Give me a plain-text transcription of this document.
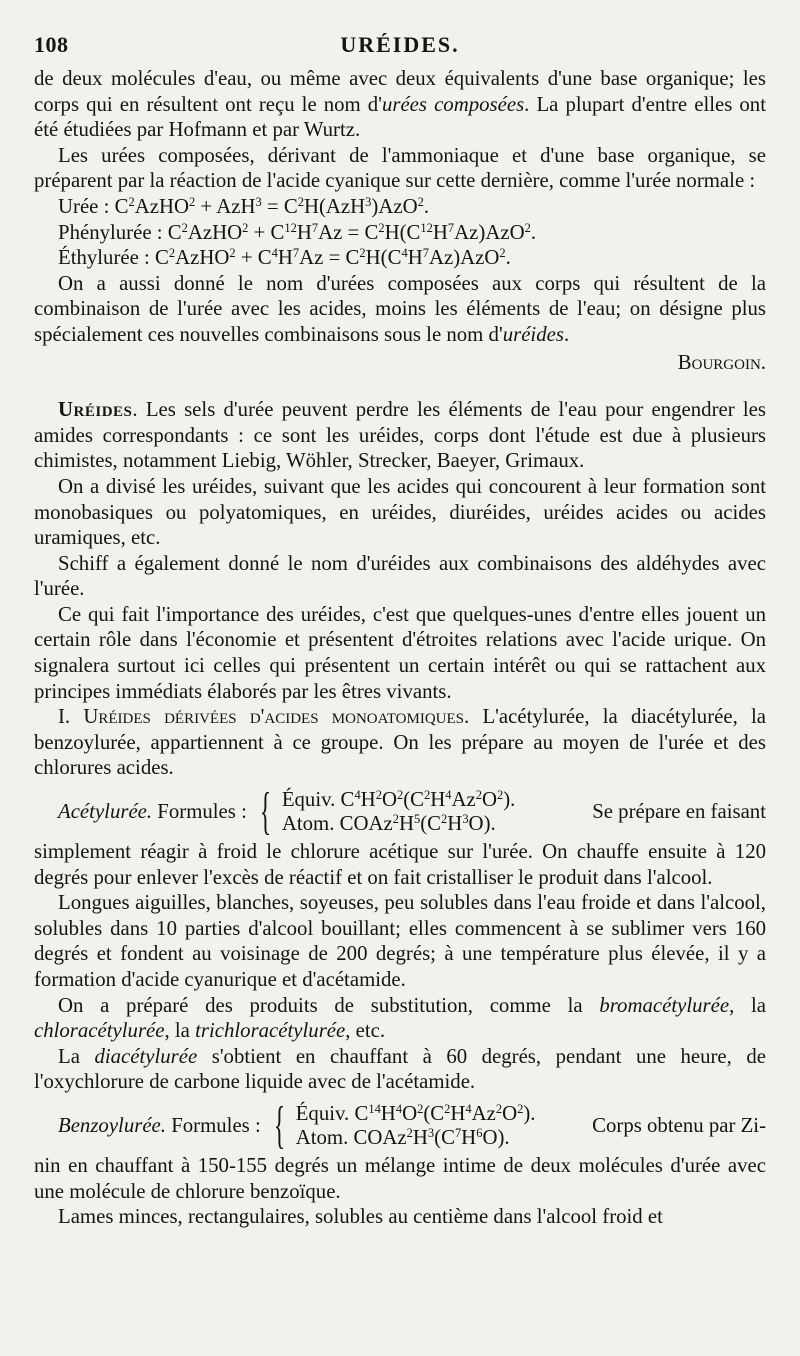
108	URÉIDES.

de deux molécules d'eau, ou même avec deux équivalents d'une base organique; les corps qui en résultent ont reçu le nom d'urées composées. La plupart d'entre elles ont été étudiées par Hofmann et par Wurtz.

Les urées composées, dérivant de l'ammoniaque et d'une base organique, se préparent par la réaction de l'acide cyanique sur cette dernière, comme l'urée normale :

Urée : $C^2AzHO^2 + AzH^3 = C^2H(AzH^3)AzO^2$.

Phénylurée : $C^2AzHO^2 + C^{12}H^7Az = C^2H(C^{12}H^7Az)AzO^2$.

Éthylurée : $C^2AzHO^2 + C^4H^7Az = C^2H(C^4H^7Az)AzO^2$.

On a aussi donné le nom d'urées composées aux corps qui résultent de la combinaison de l'urée avec les acides, moins les éléments de l'eau; on désigne plus spécialement ces nouvelles combinaisons sous le nom d'uréides.

Bourgoin.

Uréides. Les sels d'urée peuvent perdre les éléments de l'eau pour engendrer les amides correspondants : ce sont les uréides, corps dont l'étude est due à plusieurs chimistes, notamment Liebig, Wöhler, Strecker, Baeyer, Grimaux.

On a divisé les uréides, suivant que les acides qui concourent à leur formation sont monobasiques ou polyatomiques, en uréides, diuréides, uréides acides ou acides uramiques, etc.

Schiff a également donné le nom d'uréides aux combinaisons des aldéhydes avec l'urée.

Ce qui fait l'importance des uréides, c'est que quelques-unes d'entre elles jouent un certain rôle dans l'économie et présentent d'étroites relations avec l'acide urique. On signalera surtout ici celles qui présentent un certain intérêt ou qui se rattachent aux principes immédiats élaborés par les êtres vivants.

I. Uréides dérivées d'acides monoatomiques. L'acétylurée, la diacétylurée, la benzoylurée, appartiennent à ce groupe. On les prépare au moyen de l'urée et des chlorures acides.

Acétylurée. Formules : { Équiv. $C^4H^2O^2(C^2H^4Az^2O^2)$.
Atom. $COAz^2H^5(C^2H^3O)$.
Se prépare en faisant

simplement réagir à froid le chlorure acétique sur l'urée. On chauffe ensuite à 120 degrés pour enlever l'excès de réactif et on fait cristalliser le produit dans l'alcool.

Longues aiguilles, blanches, soyeuses, peu solubles dans l'eau froide et dans l'alcool, solubles dans 10 parties d'alcool bouillant; elles commencent à se sublimer vers 160 degrés et fondent au voisinage de 200 degrés; à une température plus élevée, il y a formation d'acide cyanurique et d'acétamide.

On a préparé des produits de substitution, comme la bromacétylurée, la chloracétylurée, la trichloracétylurée, etc.

La diacétylurée s'obtient en chauffant à 60 degrés, pendant une heure, de l'oxychlorure de carbone liquide avec de l'acétamide.

Benzoylurée. Formules : { Équiv. $C^{14}H^4O^2(C^2H^4Az^2O^2)$.
Atom. $COAz^2H^3(C^7H^6O)$.
Corps obtenu par Zi-

nin en chauffant à 150-155 degrés un mélange intime de deux molécules d'urée avec une molécule de chlorure benzoïque.

Lames minces, rectangulaires, solubles au centième dans l'alcool froid et
